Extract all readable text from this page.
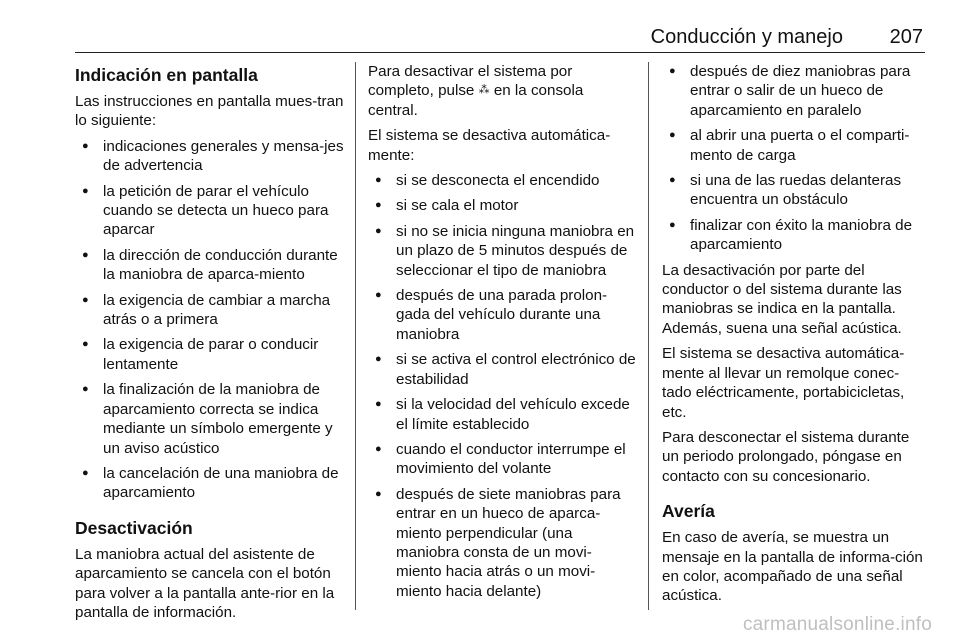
Conducción y manejo 207
Indicación en pantalla

Las instrucciones en pantalla mues-tran lo siguiente:

● indicaciones generales y mensa-jes de advertencia
● la petición de parar el vehículo cuando se detecta un hueco para aparcar
● la dirección de conducción durante la maniobra de aparca-miento
● la exigencia de cambiar a marcha atrás o a primera
● la exigencia de parar o conducir lentamente
● la finalización de la maniobra de aparcamiento correcta se indica mediante un símbolo emergente y un aviso acústico
● la cancelación de una maniobra de aparcamiento
Desactivación

La maniobra actual del asistente de aparcamiento se cancela con el botón para volver a la pantalla ante-rior en la pantalla de información.

Para desactivar el sistema por completo, pulse ⁂ en la consola central.

El sistema se desactiva automática-mente:

● si se desconecta el encendido
● si se cala el motor
● si no se inicia ninguna maniobra en un plazo de 5 minutos después de seleccionar el tipo de maniobra
● después de una parada prolon-gada del vehículo durante una maniobra
● si se activa el control electrónico de estabilidad
● si la velocidad del vehículo excede el límite establecido
● cuando el conductor interrumpe el movimiento del volante
● después de siete maniobras para entrar en un hueco de aparca-miento perpendicular (una maniobra consta de un movi-miento hacia atrás o un movi-miento hacia delante)
● después de diez maniobras para entrar o salir de un hueco de aparcamiento en paralelo
● al abrir una puerta o el comparti-mento de carga
● si una de las ruedas delanteras encuentra un obstáculo
● finalizar con éxito la maniobra de aparcamiento

La desactivación por parte del conductor o del sistema durante las maniobras se indica en la pantalla. Además, suena una señal acústica.

El sistema se desactiva automática-mente al llevar un remolque conec-tado eléctricamente, portabicicletas, etc.

Para desconectar el sistema durante un periodo prolongado, póngase en contacto con su concesionario.

Avería

En caso de avería, se muestra un mensaje en la pantalla de informa-ción en color, acompañado de una señal acústica.

carmanualsonline.info
